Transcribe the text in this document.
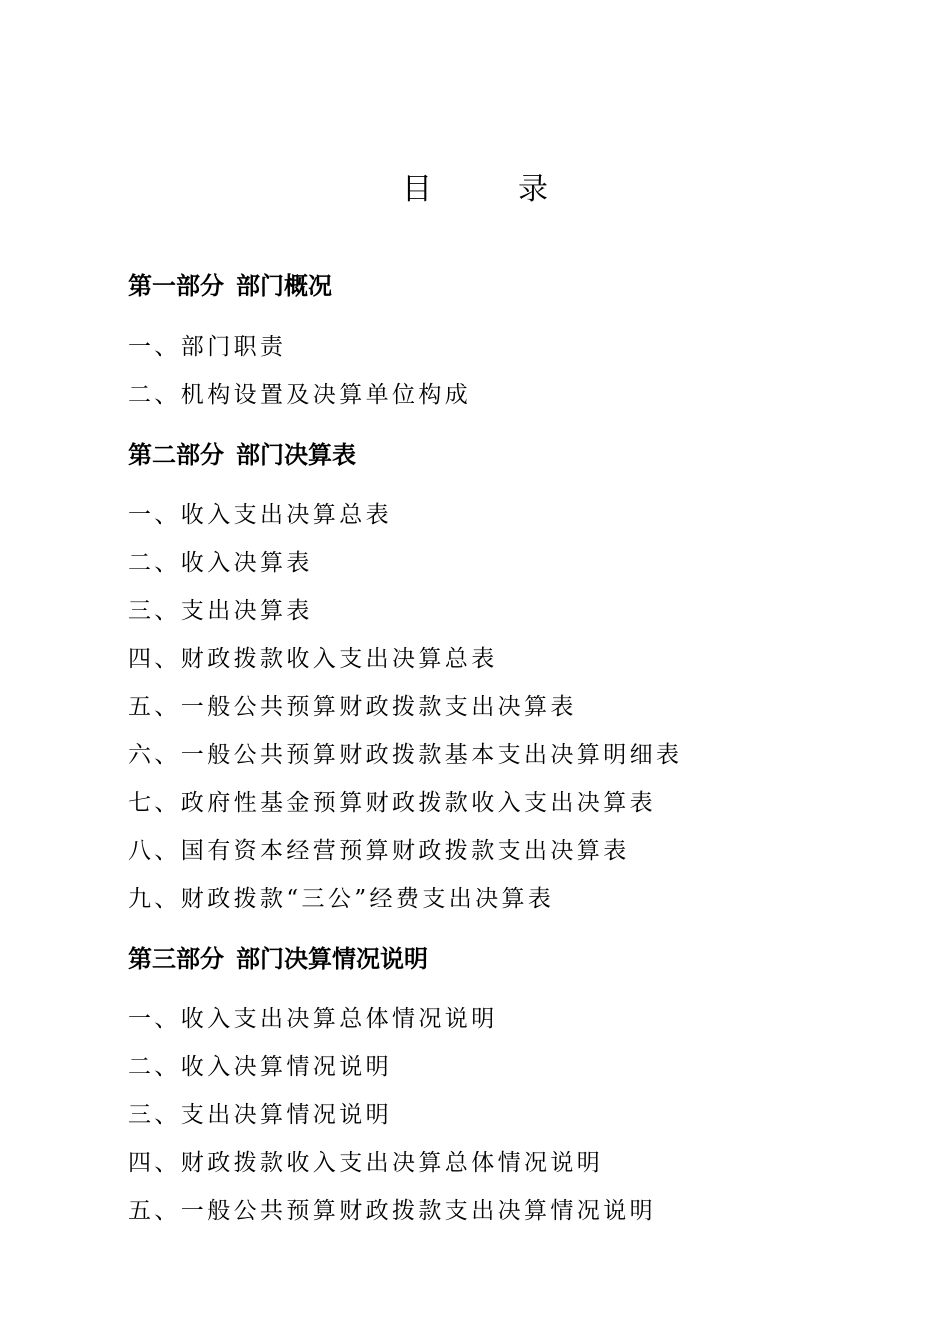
目　录
第一部分 部门概况
一、部门职责
二、机构设置及决算单位构成
第二部分 部门决算表
一、收入支出决算总表
二、收入决算表
三、支出决算表
四、财政拨款收入支出决算总表
五、一般公共预算财政拨款支出决算表
六、一般公共预算财政拨款基本支出决算明细表
七、政府性基金预算财政拨款收入支出决算表
八、国有资本经营预算财政拨款支出决算表
九、财政拨款“三公”经费支出决算表
第三部分 部门决算情况说明
一、收入支出决算总体情况说明
二、收入决算情况说明
三、支出决算情况说明
四、财政拨款收入支出决算总体情况说明
五、一般公共预算财政拨款支出决算情况说明
